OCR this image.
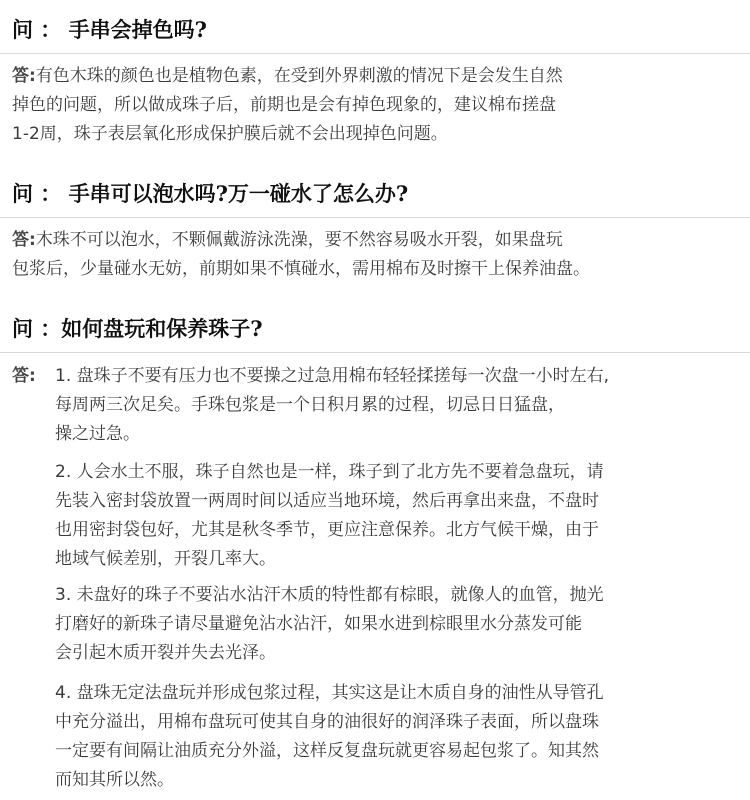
问 ： 手串会掉色吗?

答:有色木珠的颜色也是植物色素，在受到外界刺激的情况下是会发生自然

掉色的问题，所以做成珠子后，前期也是会有掉色现象的，建议棉布搓盘

1-2周，珠子表层氧化形成保护膜后就不会出现掉色问题。

问 ： 手串可以泡水吗?万一碰水了怎么办?

答:木珠不可以泡水，不颗佩戴游泳洗澡，要不然容易吸水开裂，如果盘玩

包浆后，少量碰水无妨，前期如果不慎碰水，需用棉布及时擦干上保养油盘。

问 ：如何盘玩和保养珠子?
答: 1. 盘珠子不要有压力也不要操之过急用棉布轻轻揉搓每一次盘一小时左右,

每周两三次足矣。手珠包浆是一个日积月累的过程，切忌日日猛盘，

操之过急。

2. 人会水土不服，珠子自然也是一样，珠子到了北方先不要着急盘玩，请

先装入密封袋放置一两周时间以适应当地环境，然后再拿出来盘，不盘时

也用密封袋包好，尤其是秋冬季节，更应注意保养。北方气候干燥，由于

地域气候差别，开裂几率大。

3. 未盘好的珠子不要沾水沾汗木质的特性都有棕眼，就像人的血管，抛光

打磨好的新珠子请尽量避免沾水沾汗，如果水进到棕眼里水分蒸发可能

会引起木质开裂并失去光泽。

4. 盘珠无定法盘玩并形成包浆过程，其实这是让木质自身的油性从导管孔

中充分溢出，用棉布盘玩可使其自身的油很好的润泽珠子表面，所以盘珠

一定要有间隔让油质充分外溢，这样反复盘玩就更容易起包浆了。知其然

而知其所以然。
